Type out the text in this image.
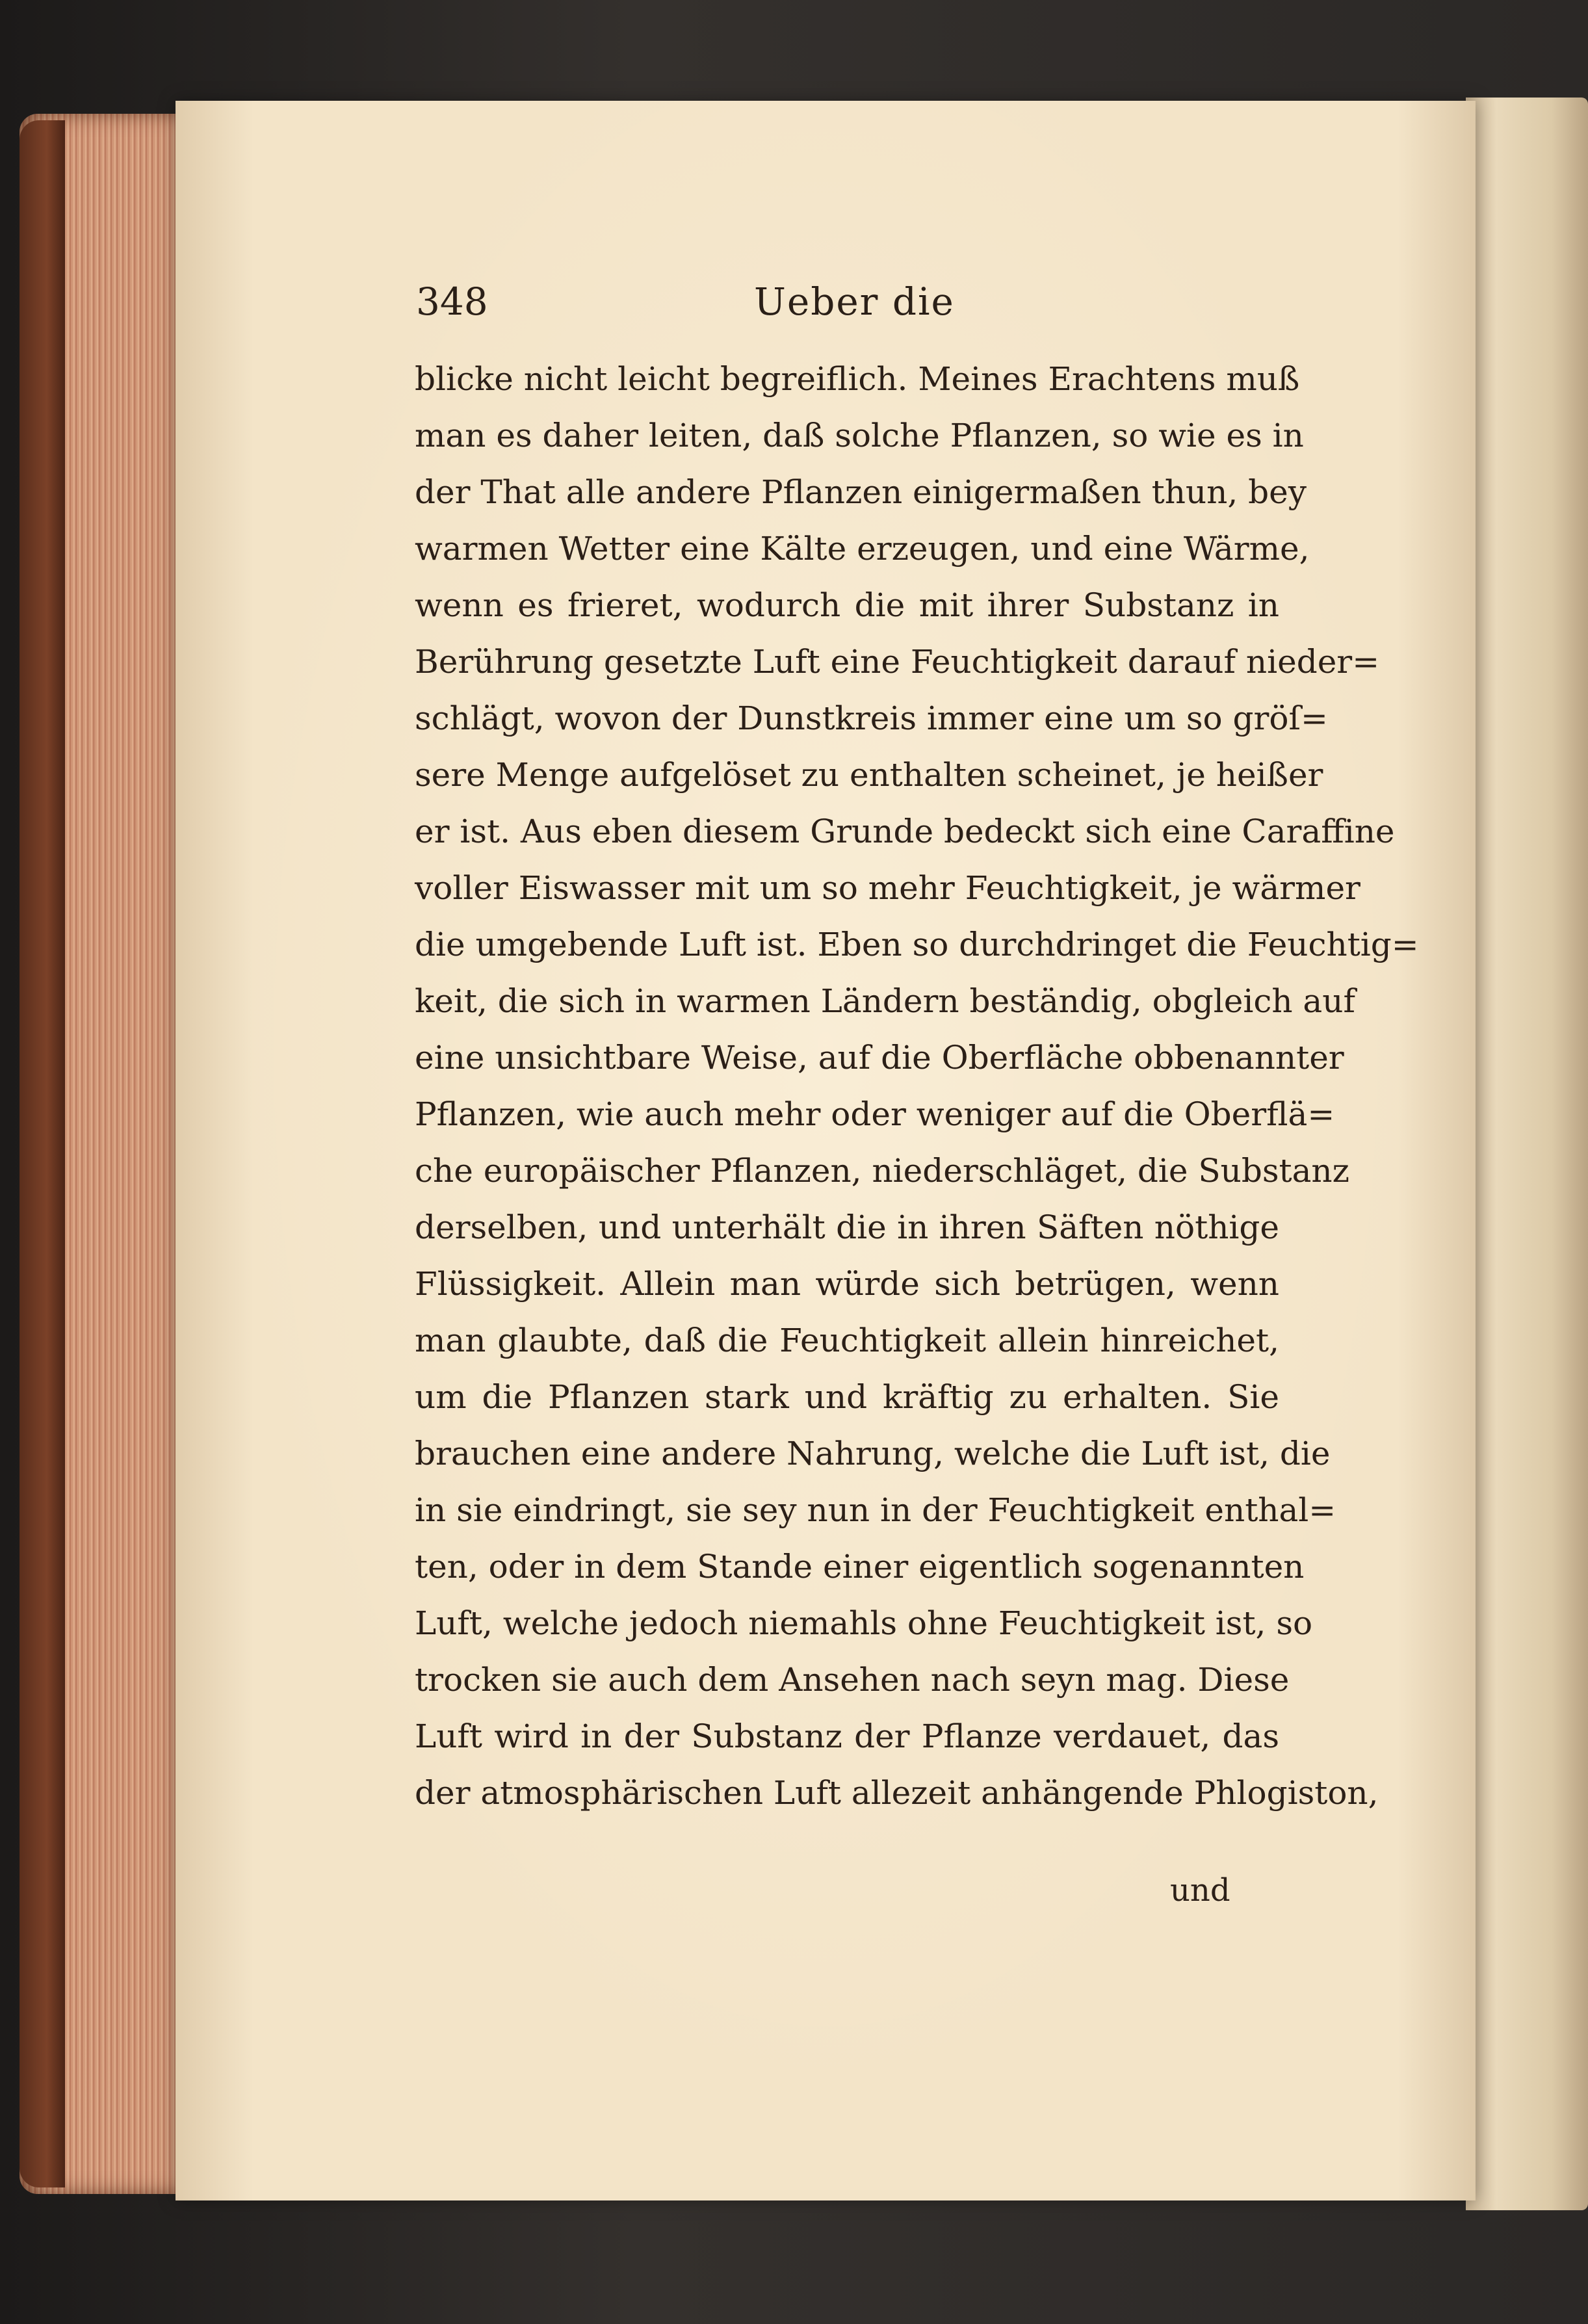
348	Ueber die
blicke nicht leicht begreiflich. Meines Erachtens muß
man es daher leiten, daß solche Pflanzen, so wie es in
der That alle andere Pflanzen einigermaßen thun, bey
warmen Wetter eine Kälte erzeugen, und eine Wärme,
wenn es frieret, wodurch die mit ihrer Substanz in
Berührung gesetzte Luft eine Feuchtigkeit darauf nieder=
schlägt, wovon der Dunstkreis immer eine um so gröſ=
sere Menge aufgelöset zu enthalten scheinet, je heißer
er ist. Aus eben diesem Grunde bedeckt sich eine Caraffine
voller Eiswasser mit um so mehr Feuchtigkeit, je wärmer
die umgebende Luft ist. Eben so durchdringet die Feuchtig=
keit, die sich in warmen Ländern beständig, obgleich auf
eine unsichtbare Weise, auf die Oberfläche obbenannter
Pflanzen, wie auch mehr oder weniger auf die Oberflä=
che europäischer Pflanzen, niederschläget, die Substanz
derselben, und unterhält die in ihren Säften nöthige
Flüssigkeit. Allein man würde sich betrügen, wenn
man glaubte, daß die Feuchtigkeit allein hinreichet,
um die Pflanzen stark und kräftig zu erhalten. Sie
brauchen eine andere Nahrung, welche die Luft ist, die
in sie eindringt, sie sey nun in der Feuchtigkeit enthal=
ten, oder in dem Stande einer eigentlich sogenannten
Luft, welche jedoch niemahls ohne Feuchtigkeit ist, so
trocken sie auch dem Ansehen nach seyn mag. Diese
Luft wird in der Substanz der Pflanze verdauet, das
der atmosphärischen Luft allezeit anhängende Phlogiston,
und
